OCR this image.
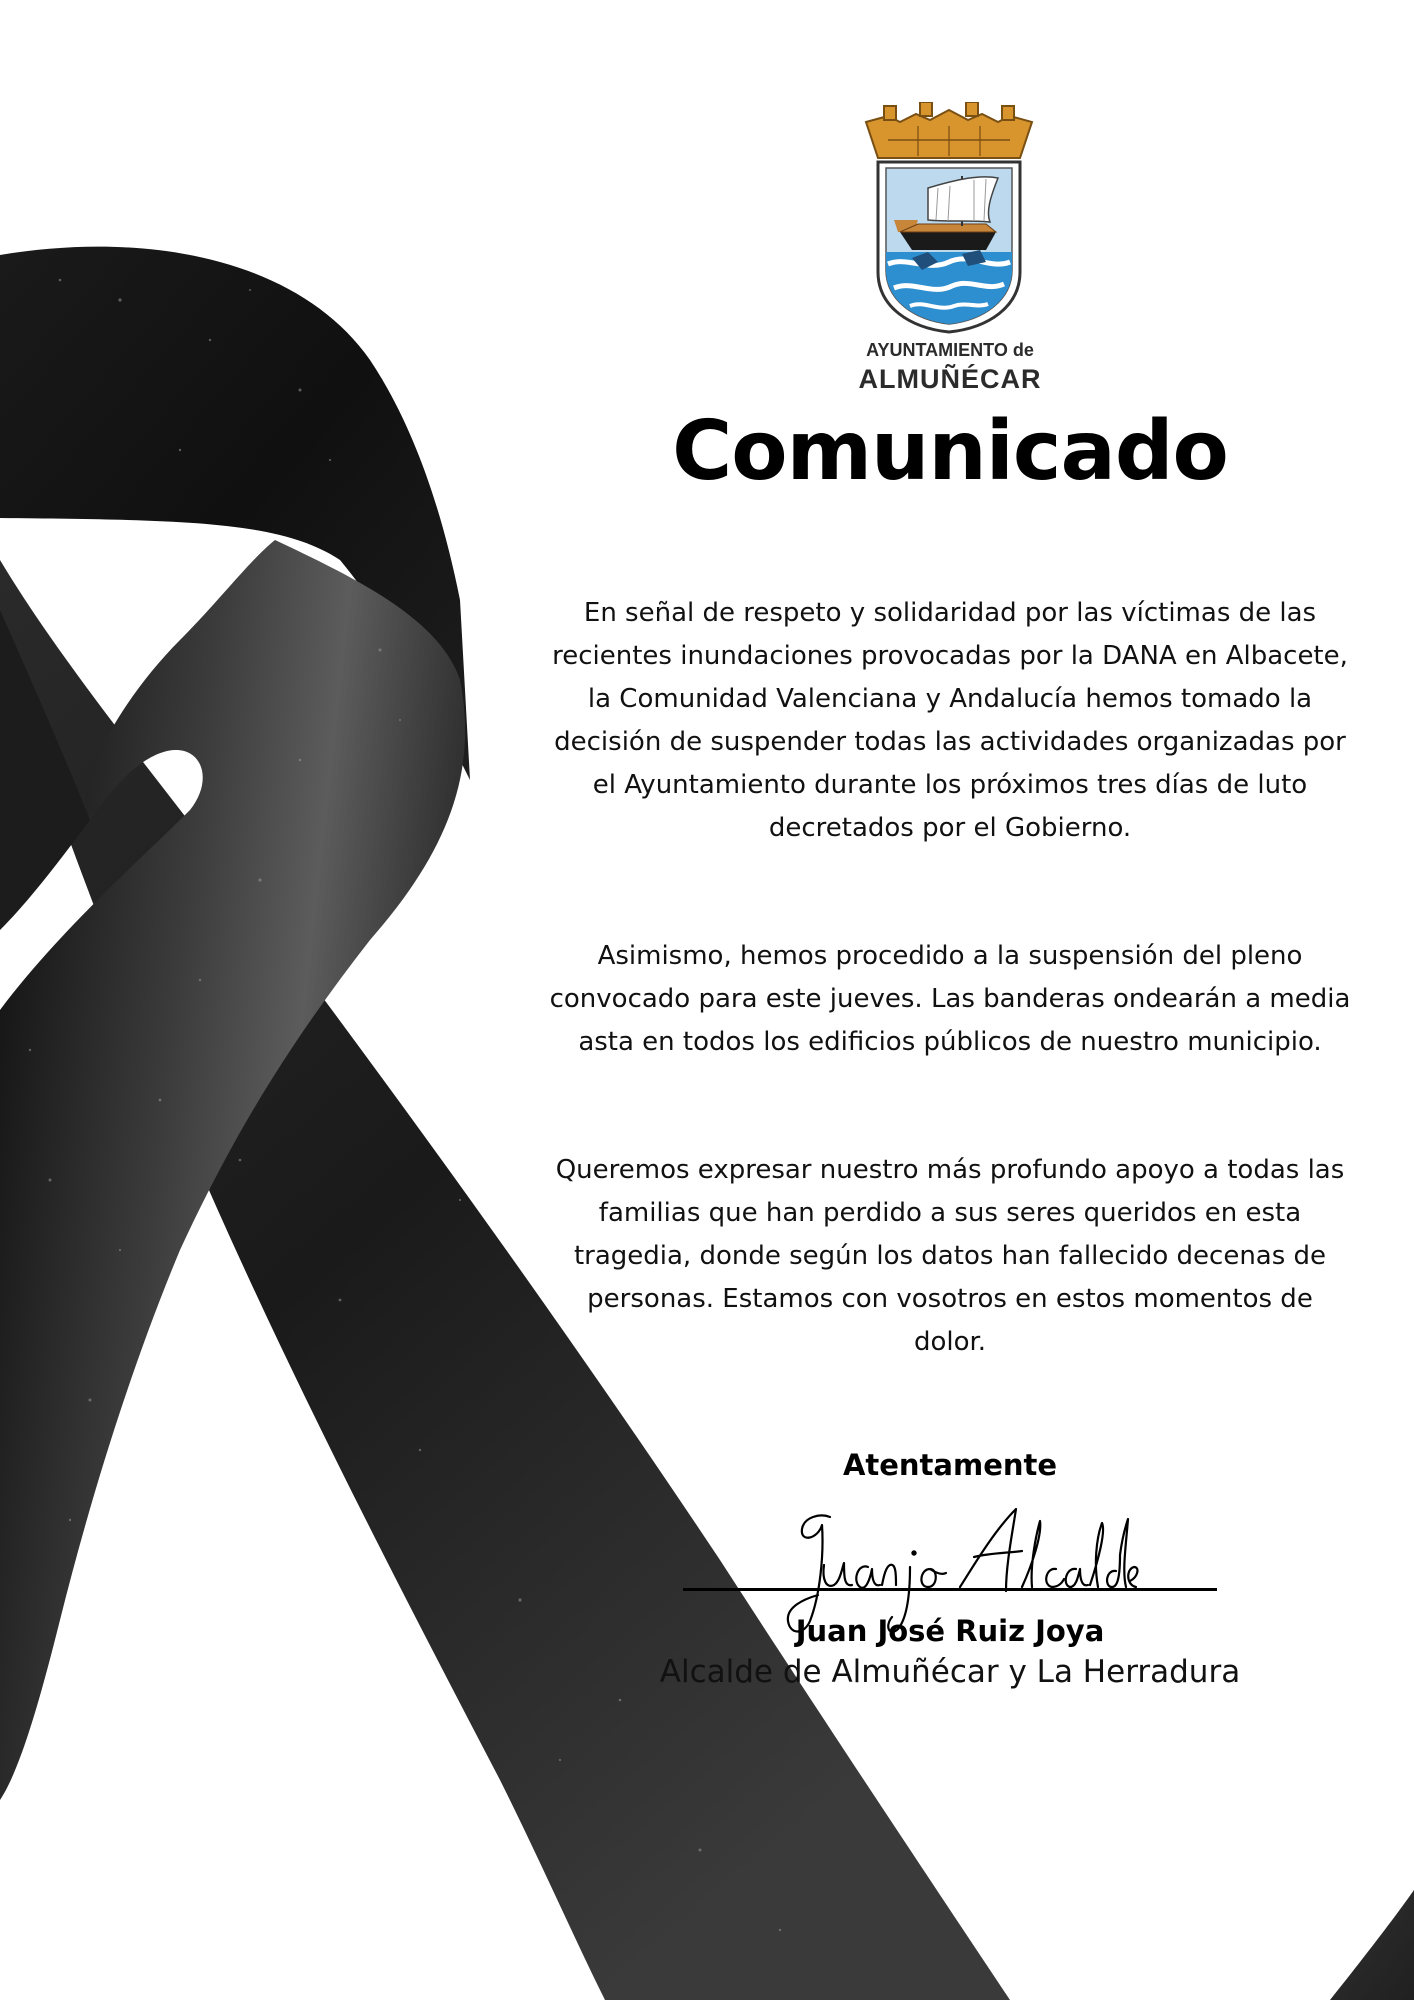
AYUNTAMIENTO de
ALMUÑÉCAR
Comunicado
En señal de respeto y solidaridad por las víctimas de las recientes inundaciones provocadas por la DANA en Albacete, la Comunidad Valenciana y Andalucía hemos tomado la decisión de suspender todas las actividades organizadas por el Ayuntamiento durante los próximos tres días de luto decretados por el Gobierno.
Asimismo, hemos procedido a la suspensión del pleno convocado para este jueves. Las banderas ondearán a media asta en todos los edificios públicos de nuestro municipio.
Queremos expresar nuestro más profundo apoyo a todas las familias que han perdido a sus seres queridos en esta tragedia, donde según los datos han fallecido decenas de personas. Estamos con vosotros en estos momentos de dolor.
Atentamente
Juan José Ruiz Joya
Alcalde de Almuñécar y La Herradura
